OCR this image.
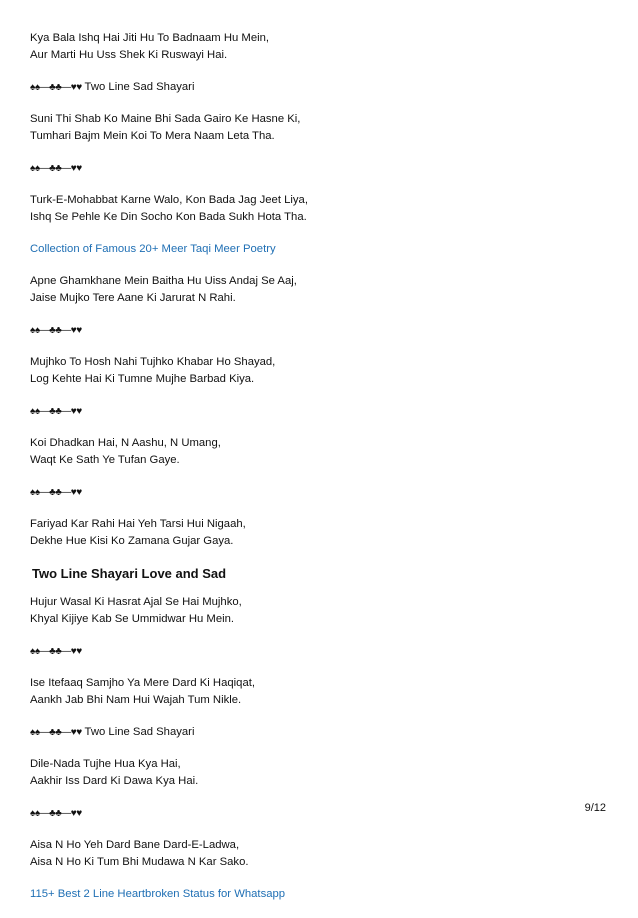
Kya Bala Ishq Hai Jiti Hu To Badnaam Hu Mein,
Aur Marti Hu Uss Shek Ki Ruswayi Hai.
♠♠—♣♣—♥♥ Two Line Sad Shayari
Suni Thi Shab Ko Maine Bhi Sada Gairo Ke Hasne Ki,
Tumhari Bajm Mein Koi To Mera Naam Leta Tha.
♠♠—♣♣—♥♥
Turk-E-Mohabbat Karne Walo, Kon Bada Jag Jeet Liya,
Ishq Se Pehle Ke Din Socho Kon Bada Sukh Hota Tha.
Collection of Famous 20+ Meer Taqi Meer Poetry
Apne Ghamkhane Mein Baitha Hu Uiss Andaj Se Aaj,
Jaise Mujko Tere Aane Ki Jarurat N Rahi.
♠♠—♣♣—♥♥
Mujhko To Hosh Nahi Tujhko Khabar Ho Shayad,
Log Kehte Hai Ki Tumne Mujhe Barbad Kiya.
♠♠—♣♣—♥♥
Koi Dhadkan Hai, N Aashu, N Umang,
Waqt Ke Sath Ye Tufan Gaye.
♠♠—♣♣—♥♥
Fariyad Kar Rahi Hai Yeh Tarsi Hui Nigaah,
Dekhe Hue Kisi Ko Zamana Gujar Gaya.
Two Line Shayari Love and Sad
Hujur Wasal Ki Hasrat Ajal Se Hai Mujhko,
Khyal Kijiye Kab Se Ummidwar Hu Mein.
♠♠—♣♣—♥♥
Ise Itefaaq Samjho Ya Mere Dard Ki Haqiqat,
Aankh Jab Bhi Nam Hui Wajah Tum Nikle.
♠♠—♣♣—♥♥ Two Line Sad Shayari
Dile-Nada Tujhe Hua Kya Hai,
Aakhir Iss Dard Ki Dawa Kya Hai.
♠♠—♣♣—♥♥
Aisa N Ho Yeh Dard Bane Dard-E-Ladwa,
Aisa N Ho Ki Tum Bhi Mudawa N Kar Sako.
115+ Best 2 Line Heartbroken Status for Whatsapp
9/12
